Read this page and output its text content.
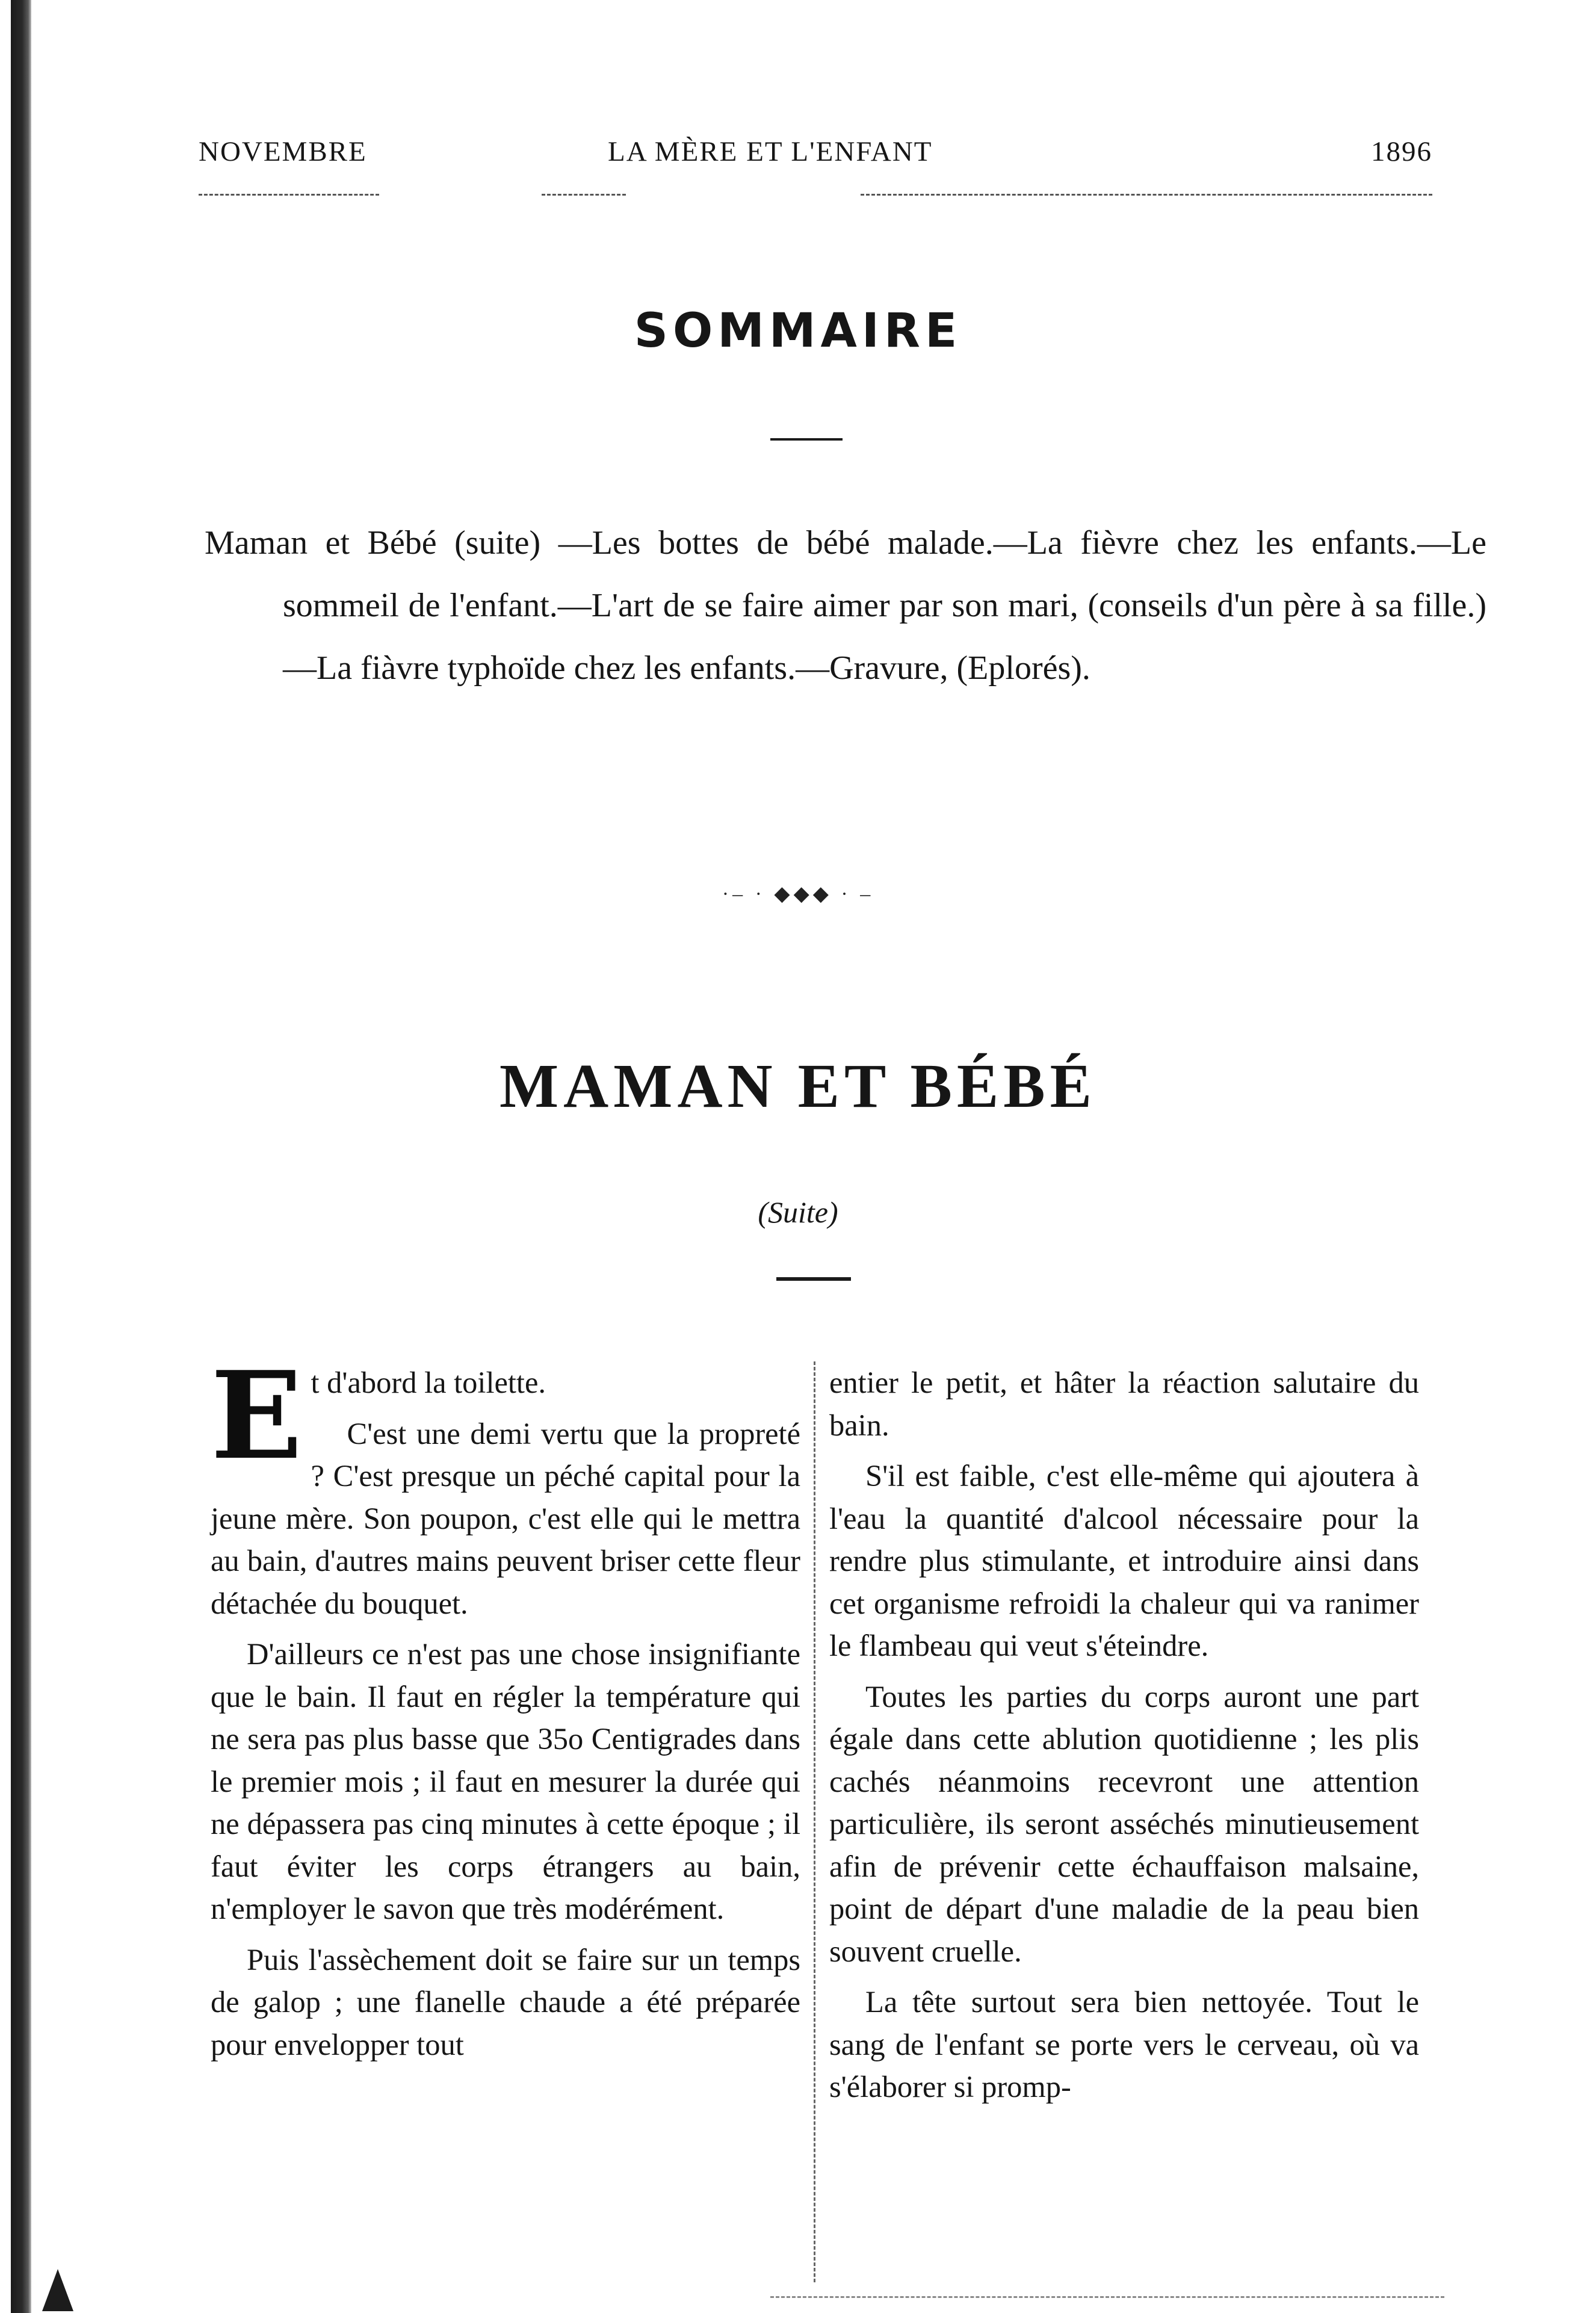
NOVEMBRE	LA MÈRE ET L'ENFANT	1896
SOMMAIRE
Maman et Bébé (suite) —Les bottes de bébé malade.—La fièvre chez les enfants.—Le sommeil de l'enfant.—L'art de se faire aimer par son mari, (conseils d'un père à sa fille.)—La fiàvre typhoïde chez les enfants.—Gravure, (Eplorés).
·– · ◆◆◆ · –
MAMAN ET BÉBÉ
(Suite)

Et d'abord la toilette.

C'est une demi vertu que la propreté ? C'est presque un péché capital pour la jeune mère. Son poupon, c'est elle qui le mettra au bain, d'autres mains peuvent briser cette fleur détachée du bouquet.

D'ailleurs ce n'est pas une chose insignifiante que le bain. Il faut en régler la température qui ne sera pas plus basse que 35o Centigrades dans le premier mois ; il faut en mesurer la durée qui ne dépassera pas cinq minutes à cette époque ; il faut éviter les corps étrangers au bain, n'employer le savon que très modérément.

Puis l'assèchement doit se faire sur un temps de galop ; une flanelle chaude a été préparée pour envelopper tout

entier le petit, et hâter la réaction salutaire du bain.

S'il est faible, c'est elle-même qui ajoutera à l'eau la quantité d'alcool nécessaire pour la rendre plus stimulante, et introduire ainsi dans cet organisme refroidi la chaleur qui va ranimer le flambeau qui veut s'éteindre.

Toutes les parties du corps auront une part égale dans cette ablution quotidienne ; les plis cachés néanmoins recevront une attention particulière, ils seront asséchés minutieusement afin de prévenir cette échauffaison malsaine, point de départ d'une maladie de la peau bien souvent cruelle.

La tête surtout sera bien nettoyée. Tout le sang de l'enfant se porte vers le cerveau, où va s'élaborer si promp-
